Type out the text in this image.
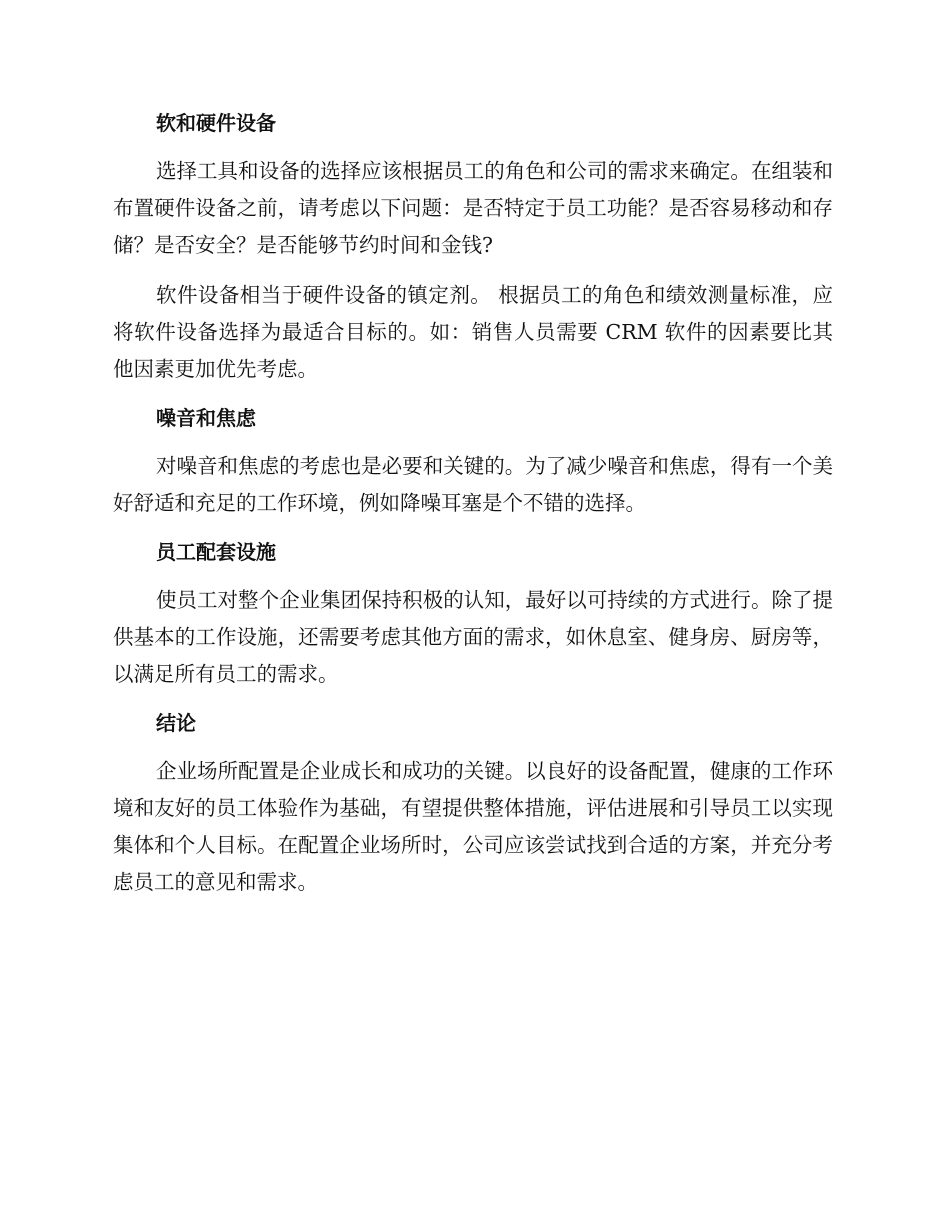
软和硬件设备

选择工具和设备的选择应该根据员工的角色和公司的需求来确定。在组装和布置硬件设备之前，请考虑以下问题：是否特定于员工功能？是否容易移动和存储？是否安全？是否能够节约时间和金钱?

软件设备相当于硬件设备的镇定剂。 根据员工的角色和绩效测量标准，应将软件设备选择为最适合目标的。如：销售人员需要 CRM 软件的因素要比其他因素更加优先考虑。

噪音和焦虑

对噪音和焦虑的考虑也是必要和关键的。为了减少噪音和焦虑，得有一个美好舒适和充足的工作环境，例如降噪耳塞是个不错的选择。

员工配套设施

使员工对整个企业集团保持积极的认知，最好以可持续的方式进行。除了提供基本的工作设施，还需要考虑其他方面的需求，如休息室、健身房、厨房等，以满足所有员工的需求。

结论

企业场所配置是企业成长和成功的关键。以良好的设备配置，健康的工作环境和友好的员工体验作为基础，有望提供整体措施，评估进展和引导员工以实现集体和个人目标。在配置企业场所时，公司应该尝试找到合适的方案，并充分考虑员工的意见和需求。
